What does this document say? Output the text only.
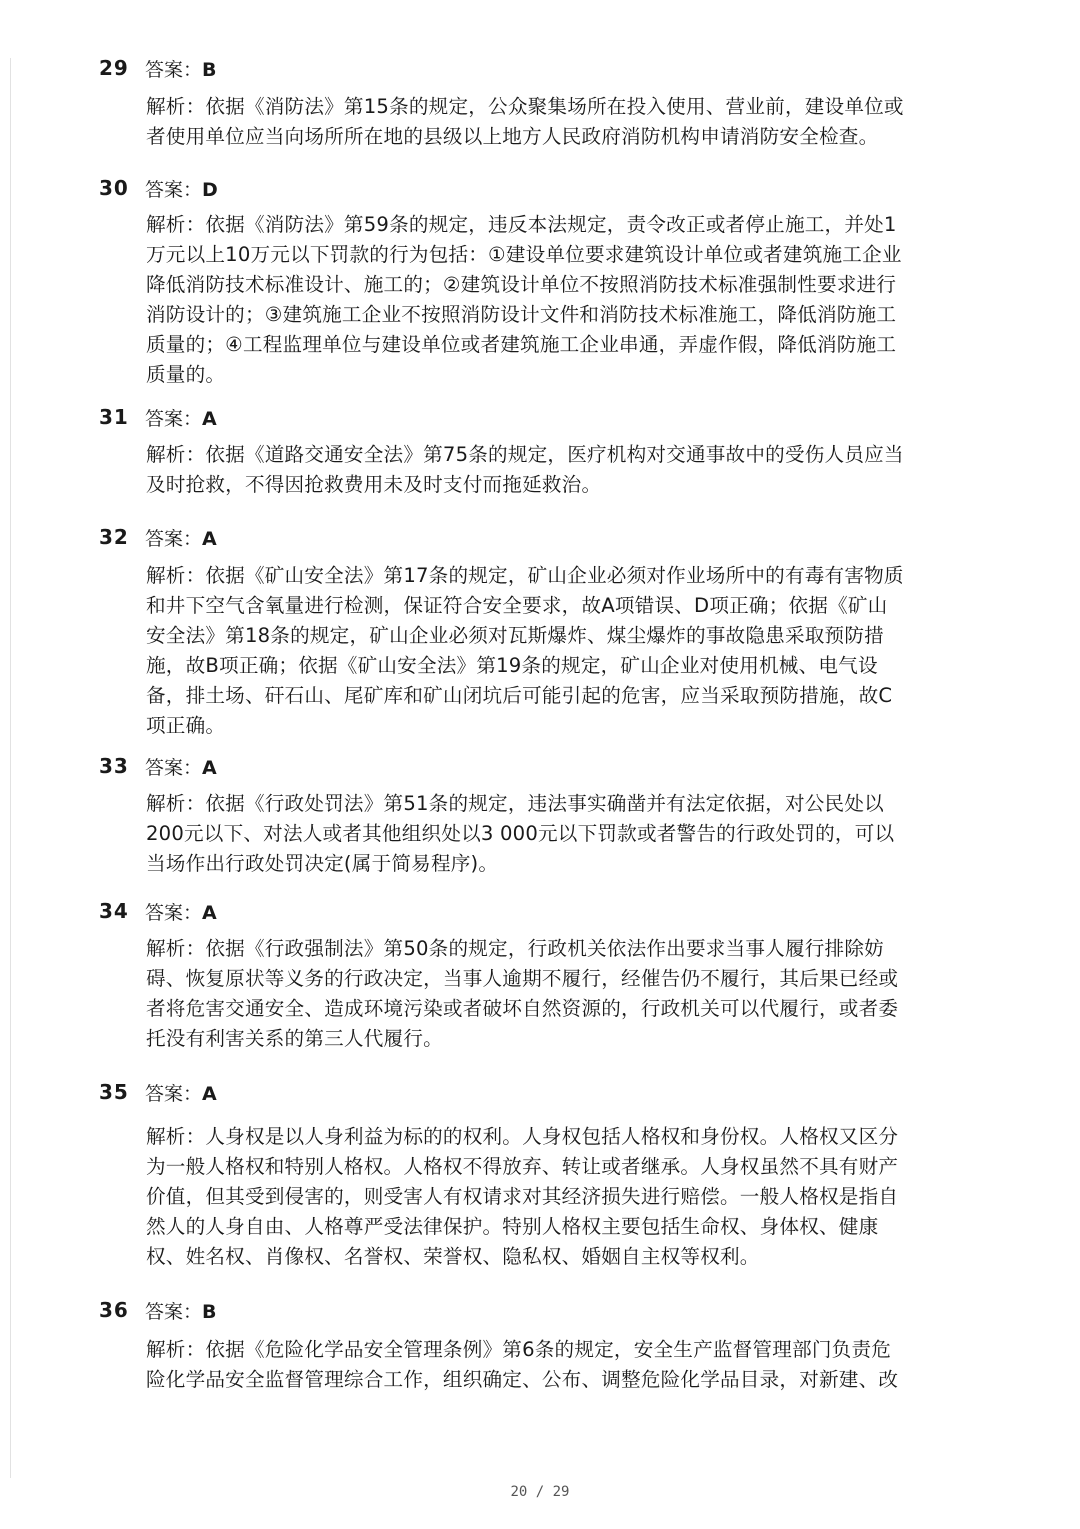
29 答案：B
解析：依据《消防法》第15条的规定，公众聚集场所在投入使用、营业前，建设单位或
者使用单位应当向场所所在地的县级以上地方人民政府消防机构申请消防安全检查。
30 答案：D
解析：依据《消防法》第59条的规定，违反本法规定，责令改正或者停止施工，并处1
万元以上10万元以下罚款的行为包括：①建设单位要求建筑设计单位或者建筑施工企业
降低消防技术标准设计、施工的；②建筑设计单位不按照消防技术标准强制性要求进行
消防设计的；③建筑施工企业不按照消防设计文件和消防技术标准施工，降低消防施工
质量的；④工程监理单位与建设单位或者建筑施工企业串通，弄虚作假，降低消防施工
质量的。
31 答案：A
解析：依据《道路交通安全法》第75条的规定，医疗机构对交通事故中的受伤人员应当
及时抢救，不得因抢救费用未及时支付而拖延救治。
32 答案：A
解析：依据《矿山安全法》第17条的规定，矿山企业必须对作业场所中的有毒有害物质
和井下空气含氧量进行检测，保证符合安全要求，故A项错误、D项正确；依据《矿山
安全法》第18条的规定，矿山企业必须对瓦斯爆炸、煤尘爆炸的事故隐患采取预防措
施，故B项正确；依据《矿山安全法》第19条的规定，矿山企业对使用机械、电气设
备，排土场、矸石山、尾矿库和矿山闭坑后可能引起的危害，应当采取预防措施，故C
项正确。
33 答案：A
解析：依据《行政处罚法》第51条的规定，违法事实确凿并有法定依据，对公民处以
200元以下、对法人或者其他组织处以3 000元以下罚款或者警告的行政处罚的，可以
当场作出行政处罚决定(属于简易程序)。
34 答案：A
解析：依据《行政强制法》第50条的规定，行政机关依法作出要求当事人履行排除妨
碍、恢复原状等义务的行政决定，当事人逾期不履行，经催告仍不履行，其后果已经或
者将危害交通安全、造成环境污染或者破坏自然资源的，行政机关可以代履行，或者委
托没有利害关系的第三人代履行。
35 答案：A
解析：人身权是以人身利益为标的的权利。人身权包括人格权和身份权。人格权又区分
为一般人格权和特别人格权。人格权不得放弃、转让或者继承。人身权虽然不具有财产
价值，但其受到侵害的，则受害人有权请求对其经济损失进行赔偿。一般人格权是指自
然人的人身自由、人格尊严受法律保护。特别人格权主要包括生命权、身体权、健康
权、姓名权、肖像权、名誉权、荣誉权、隐私权、婚姻自主权等权利。
36 答案：B
解析：依据《危险化学品安全管理条例》第6条的规定，安全生产监督管理部门负责危
险化学品安全监督管理综合工作，组织确定、公布、调整危险化学品目录，对新建、改
20 / 29
